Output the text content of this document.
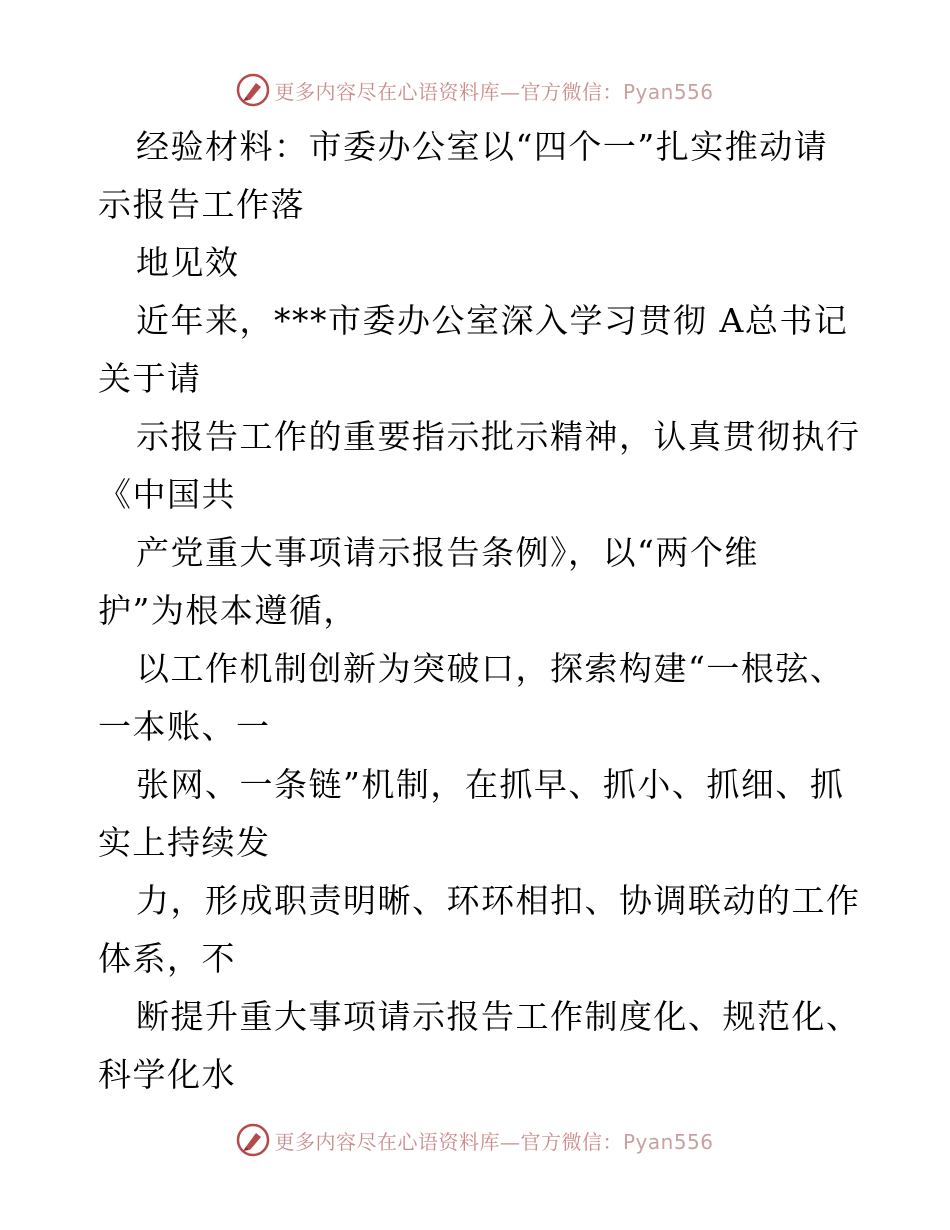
更多内容尽在心语资料库—官方微信：Pyan556
经验材料：市委办公室以“四个一”扎实推动请
示报告工作落
地见效
近年来，***市委办公室深入学习贯彻 A总书记
关于请
示报告工作的重要指示批示精神，认真贯彻执行
《中国共
产党重大事项请示报告条例》，以“两个维
护”为根本遵循，
以工作机制创新为突破口，探索构建“一根弦、
一本账、一
张网、一条链”机制，在抓早、抓小、抓细、抓
实上持续发
力，形成职责明晰、环环相扣、协调联动的工作
体系，不
断提升重大事项请示报告工作制度化、规范化、
科学化水
更多内容尽在心语资料库—官方微信：Pyan556
